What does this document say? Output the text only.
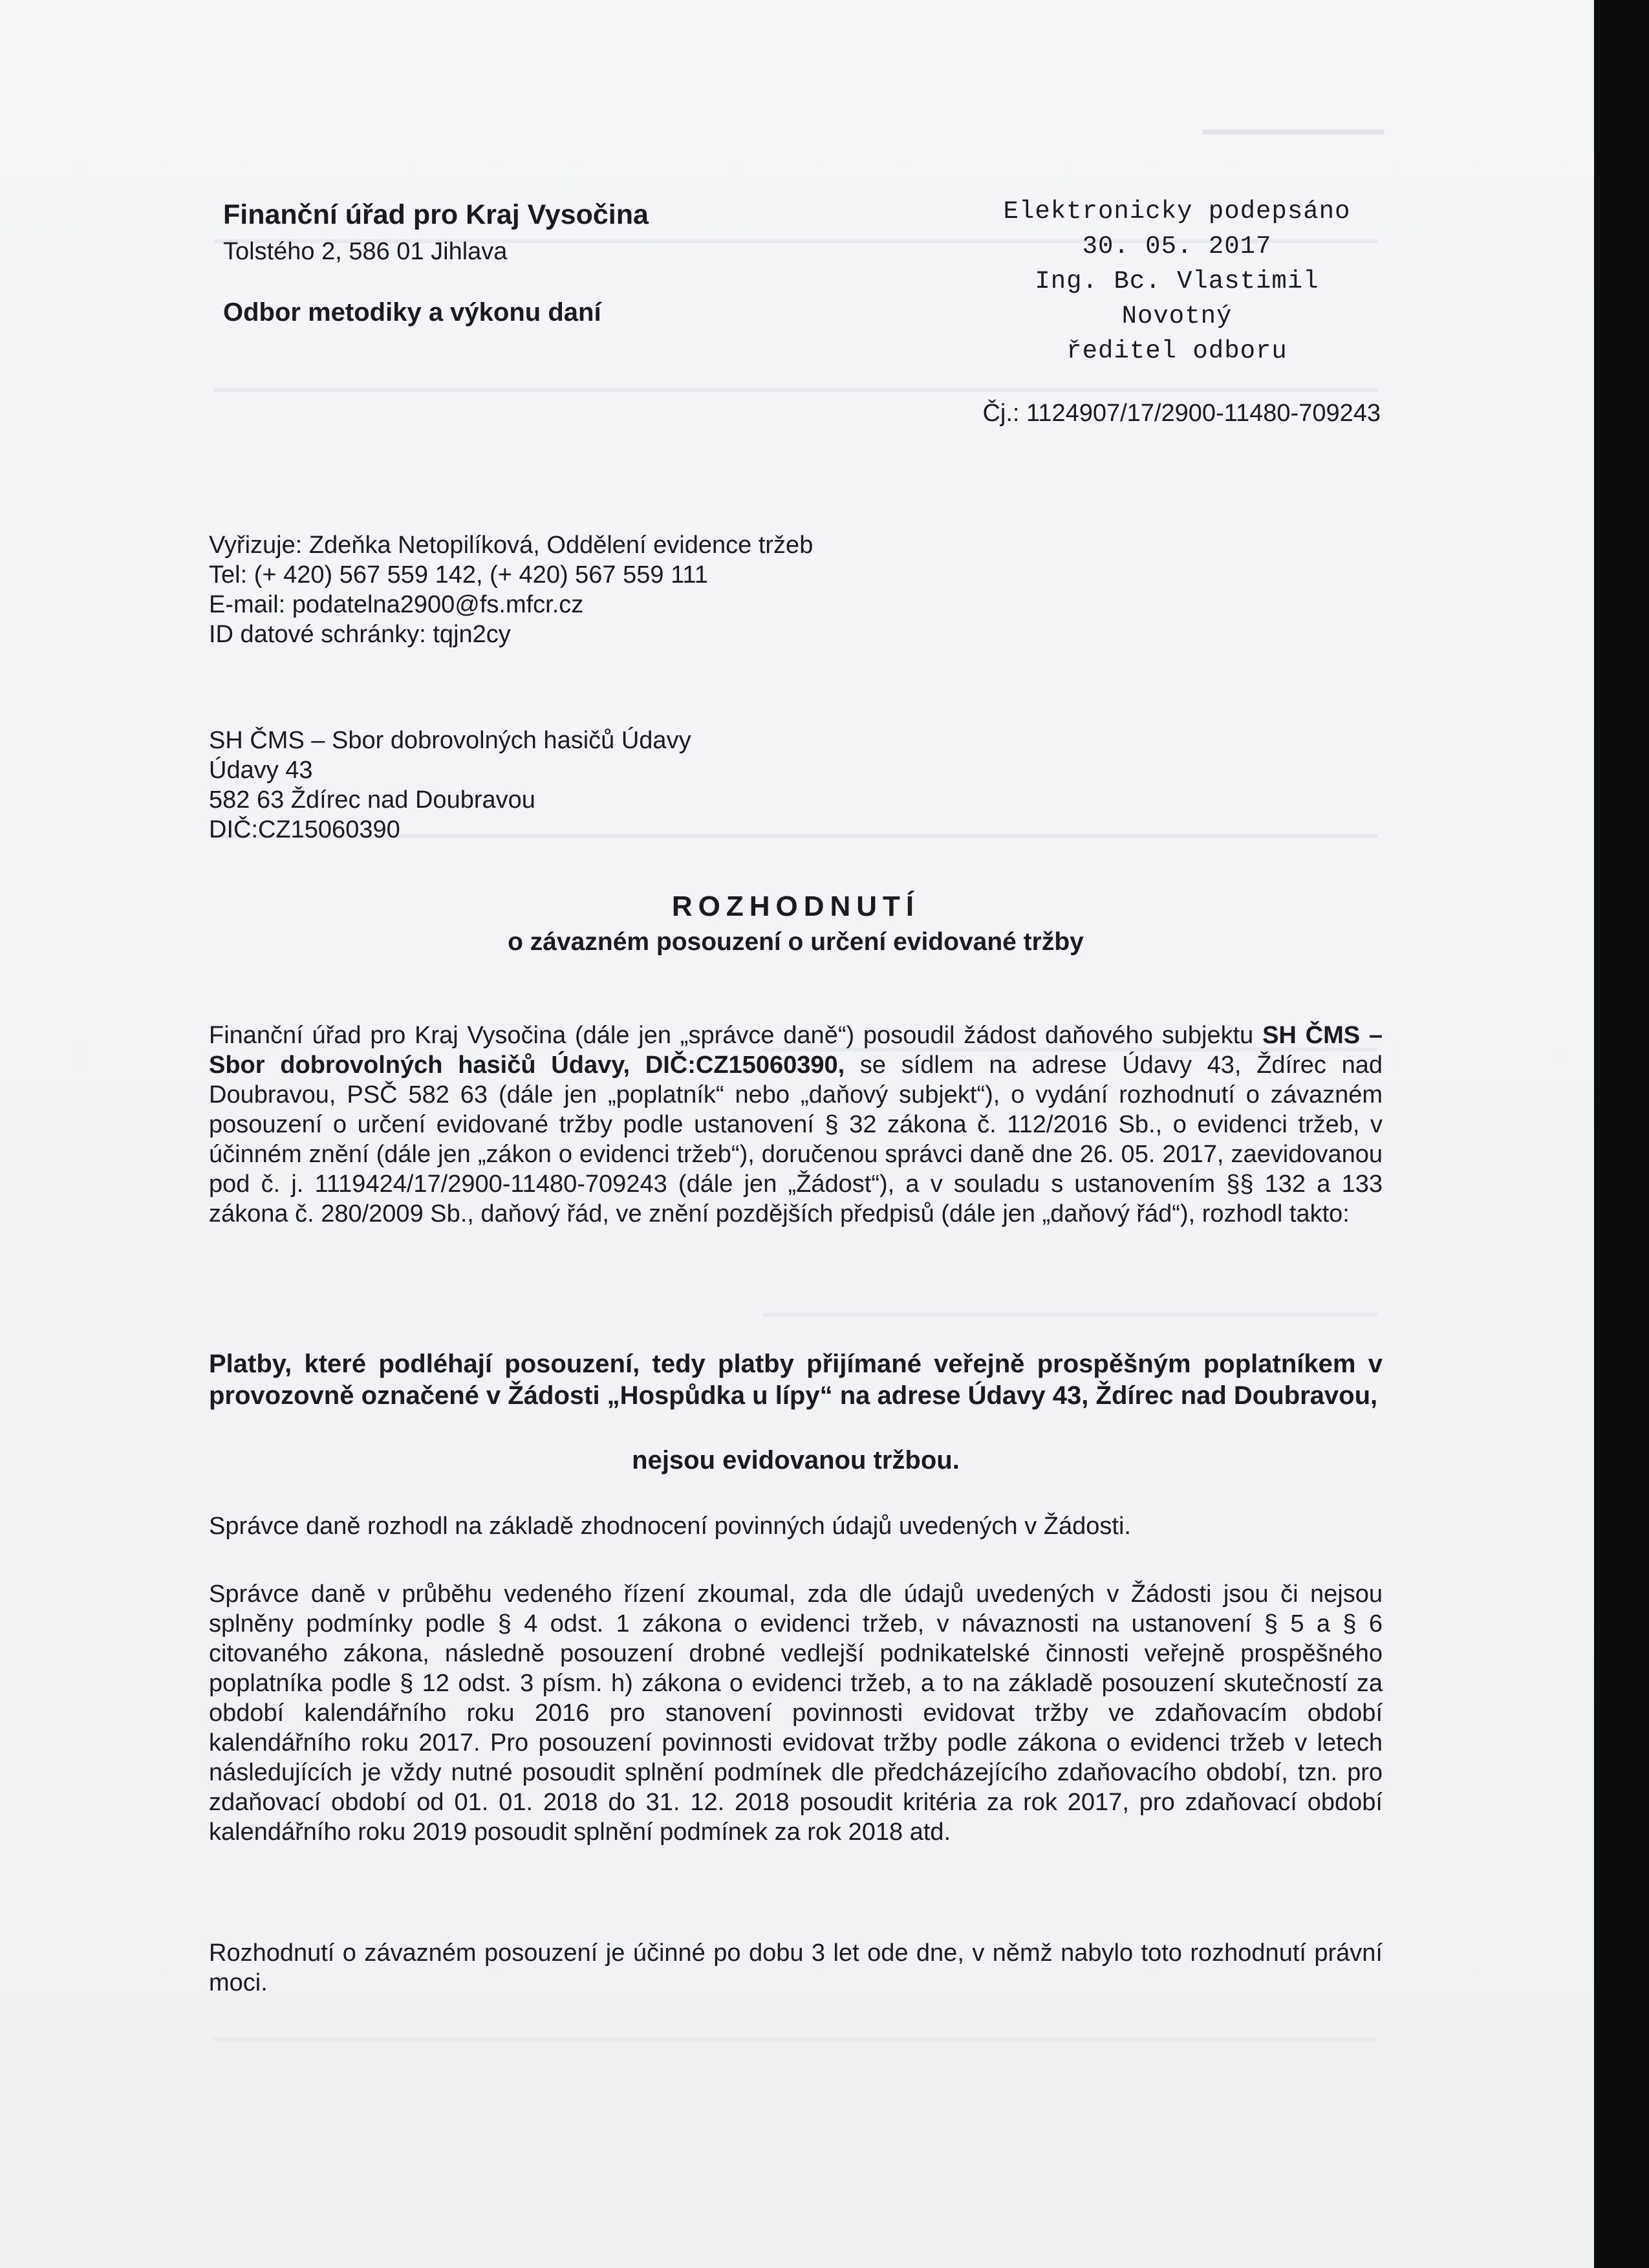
Finanční úřad pro Kraj Vysočina

Tolstého 2, 586 01 Jihlava

Odbor metodiky a výkonu daní

Elektronicky podepsáno
30. 05. 2017
Ing. Bc. Vlastimil
Novotný
ředitel odboru

Čj.: 1124907/17/2900-11480-709243

Vyřizuje: Zdeňka Netopilíková, Oddělení evidence tržeb

Tel: (+ 420) 567 559 142, (+ 420) 567 559 111

E-mail: podatelna2900@fs.mfcr.cz

ID datové schránky: tqjn2cy

SH ČMS – Sbor dobrovolných hasičů Údavy

Údavy 43

582 63 Ždírec nad Doubravou

DIČ:CZ15060390

ROZHODNUTÍ
o závazném posouzení o určení evidované tržby

Finanční úřad pro Kraj Vysočina (dále jen „správce daně“) posoudil žádost daňového subjektu SH ČMS – Sbor dobrovolných hasičů Údavy, DIČ:CZ15060390, se sídlem na adrese Údavy 43, Ždírec nad Doubravou, PSČ 582 63 (dále jen „poplatník“ nebo „daňový subjekt“), o vydání rozhodnutí o závazném posouzení o určení evidované tržby podle ustanovení § 32 zákona č. 112/2016 Sb., o evidenci tržeb, v účinném znění (dále jen „zákon o evidenci tržeb“), doručenou správci daně dne 26. 05. 2017, zaevidovanou pod č. j. 1119424/17/2900-11480-709243 (dále jen „Žádost“), a v souladu s ustanovením §§ 132 a 133 zákona č. 280/2009 Sb., daňový řád, ve znění pozdějších předpisů (dále jen „daňový řád“), rozhodl takto:

Platby, které podléhají posouzení, tedy platby přijímané veřejně prospěšným poplatníkem v provozovně označené v Žádosti „Hospůdka u lípy“ na adrese Údavy 43, Ždírec nad Doubravou,

nejsou evidovanou tržbou.

Správce daně rozhodl na základě zhodnocení povinných údajů uvedených v Žádosti.

Správce daně v průběhu vedeného řízení zkoumal, zda dle údajů uvedených v Žádosti jsou či nejsou splněny podmínky podle § 4 odst. 1 zákona o evidenci tržeb, v návaznosti na ustanovení § 5 a § 6 citovaného zákona, následně posouzení drobné vedlejší podnikatelské činnosti veřejně prospěšného poplatníka podle § 12 odst. 3 písm. h) zákona o evidenci tržeb, a to na základě posouzení skutečností za období kalendářního roku 2016 pro stanovení povinnosti evidovat tržby ve zdaňovacím období kalendářního roku 2017. Pro posouzení povinnosti evidovat tržby podle zákona o evidenci tržeb v letech následujících je vždy nutné posoudit splnění podmínek dle předcházejícího zdaňovacího období, tzn. pro zdaňovací období od 01. 01. 2018 do 31. 12. 2018 posoudit kritéria za rok 2017, pro zdaňovací období kalendářního roku 2019 posoudit splnění podmínek za rok 2018 atd.

Rozhodnutí o závazném posouzení je účinné po dobu 3 let ode dne, v němž nabylo toto rozhodnutí právní moci.
